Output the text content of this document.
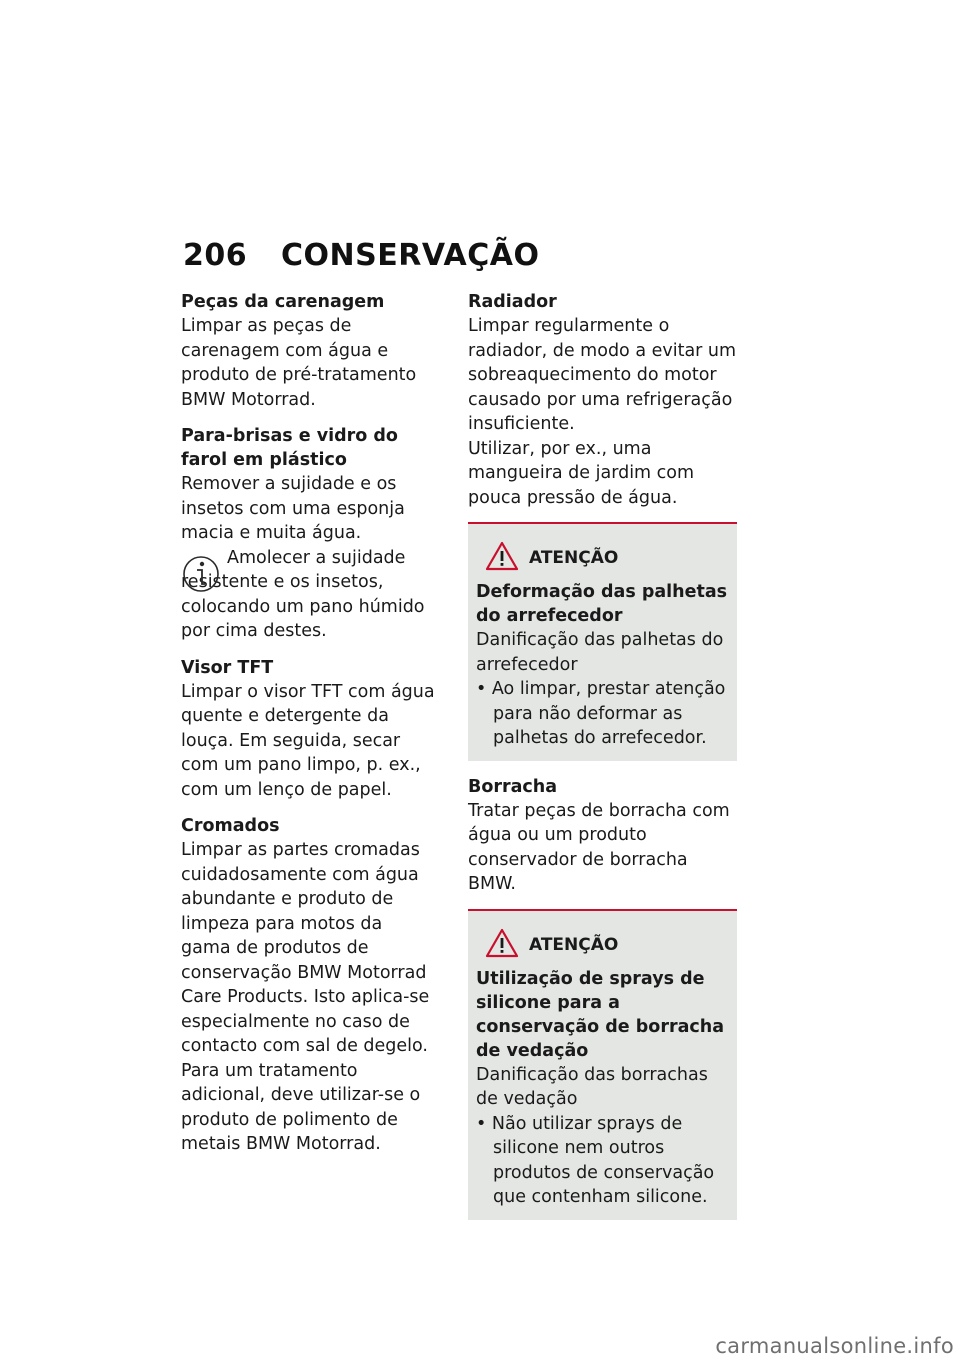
206 CONSERVAÇÃO
Peças da carenagem
Limpar as peças de carenagem com água e produto de pré-tratamento BMW Motorrad.
Para-brisas e vidro do farol em plástico
Remover a sujidade e os insetos com uma esponja macia e muita água.
Amolecer a sujidade resistente e os insetos, colocando um pano húmido por cima destes.
Visor TFT
Limpar o visor TFT com água quente e detergente da louça. Em seguida, secar com um pano limpo, p. ex., com um lenço de papel.
Cromados
Limpar as partes cromadas cuidadosamente com água abundante e produto de limpeza para motos da gama de produtos de conservação BMW Motorrad Care Products. Isto aplica-se especialmente no caso de contacto com sal de degelo.
Para um tratamento adicional, deve utilizar-se o produto de polimento de metais BMW Motorrad.
Radiador
Limpar regularmente o radiador, de modo a evitar um sobreaquecimento do motor causado por uma refrigeração insuficiente.
Utilizar, por ex., uma mangueira de jardim com pouca pressão de água.
ATENÇÃO
Deformação das palhetas do arrefecedor
Danificação das palhetas do arrefecedor
• Ao limpar, prestar atenção para não deformar as palhetas do arrefecedor.
Borracha
Tratar peças de borracha com água ou um produto conservador de borracha BMW.
ATENÇÃO
Utilização de sprays de silicone para a conservação de borracha de vedação
Danificação das borrachas de vedação
• Não utilizar sprays de silicone nem outros produtos de conservação que contenham silicone.
carmanualsonline.info
